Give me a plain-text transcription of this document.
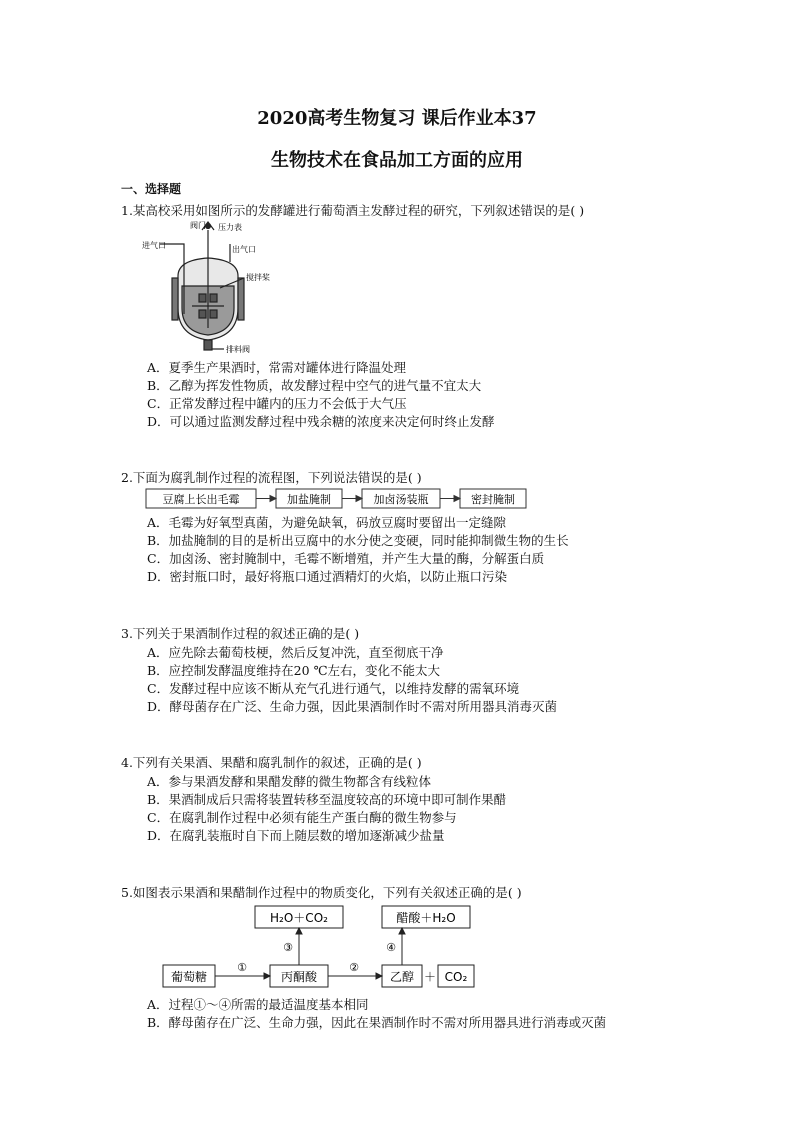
2020高考生物复习 课后作业本37
生物技术在食品加工方面的应用
一、选择题
1.某高校采用如图所示的发酵罐进行葡萄酒主发酵过程的研究，下列叙述错误的是( )
阀门 压力表
进气口	出气口
搅拌桨
排料阀
A．夏季生产果酒时，常需对罐体进行降温处理
B．乙醇为挥发性物质，故发酵过程中空气的进气量不宜太大
C．正常发酵过程中罐内的压力不会低于大气压
D．可以通过监测发酵过程中残余糖的浓度来决定何时终止发酵
2.下面为腐乳制作过程的流程图，下列说法错误的是( )
豆腐上长出毛霉	加盐腌制	加卤汤装瓶	密封腌制
A．毛霉为好氧型真菌，为避免缺氧，码放豆腐时要留出一定缝隙
B．加盐腌制的目的是析出豆腐中的水分使之变硬，同时能抑制微生物的生长
C．加卤汤、密封腌制中，毛霉不断增殖，并产生大量的酶，分解蛋白质
D．密封瓶口时，最好将瓶口通过酒精灯的火焰，以防止瓶口污染
3.下列关于果酒制作过程的叙述正确的是( )
A．应先除去葡萄枝梗，然后反复冲洗，直至彻底干净
B．应控制发酵温度维持在20 ℃左右，变化不能太大
C．发酵过程中应该不断从充气孔进行通气，以维持发酵的需氧环境
D．酵母菌存在广泛、生命力强，因此果酒制作时不需对所用器具消毒灭菌
4.下列有关果酒、果醋和腐乳制作的叙述，正确的是( )
A．参与果酒发酵和果醋发酵的微生物都含有线粒体
B．果酒制成后只需将装置转移至温度较高的环境中即可制作果醋
C．在腐乳制作过程中必须有能生产蛋白酶的微生物参与
D．在腐乳装瓶时自下而上随层数的增加逐渐减少盐量
5.如图表示果酒和果醋制作过程中的物质变化，下列有关叙述正确的是( )
H₂O＋CO₂	醋酸＋H₂O
葡萄糖	丙酮酸	乙醇 ＋ CO₂
①	②
③	④
A．过程①～④所需的最适温度基本相同
B．酵母菌存在广泛、生命力强，因此在果酒制作时不需对所用器具进行消毒或灭菌
